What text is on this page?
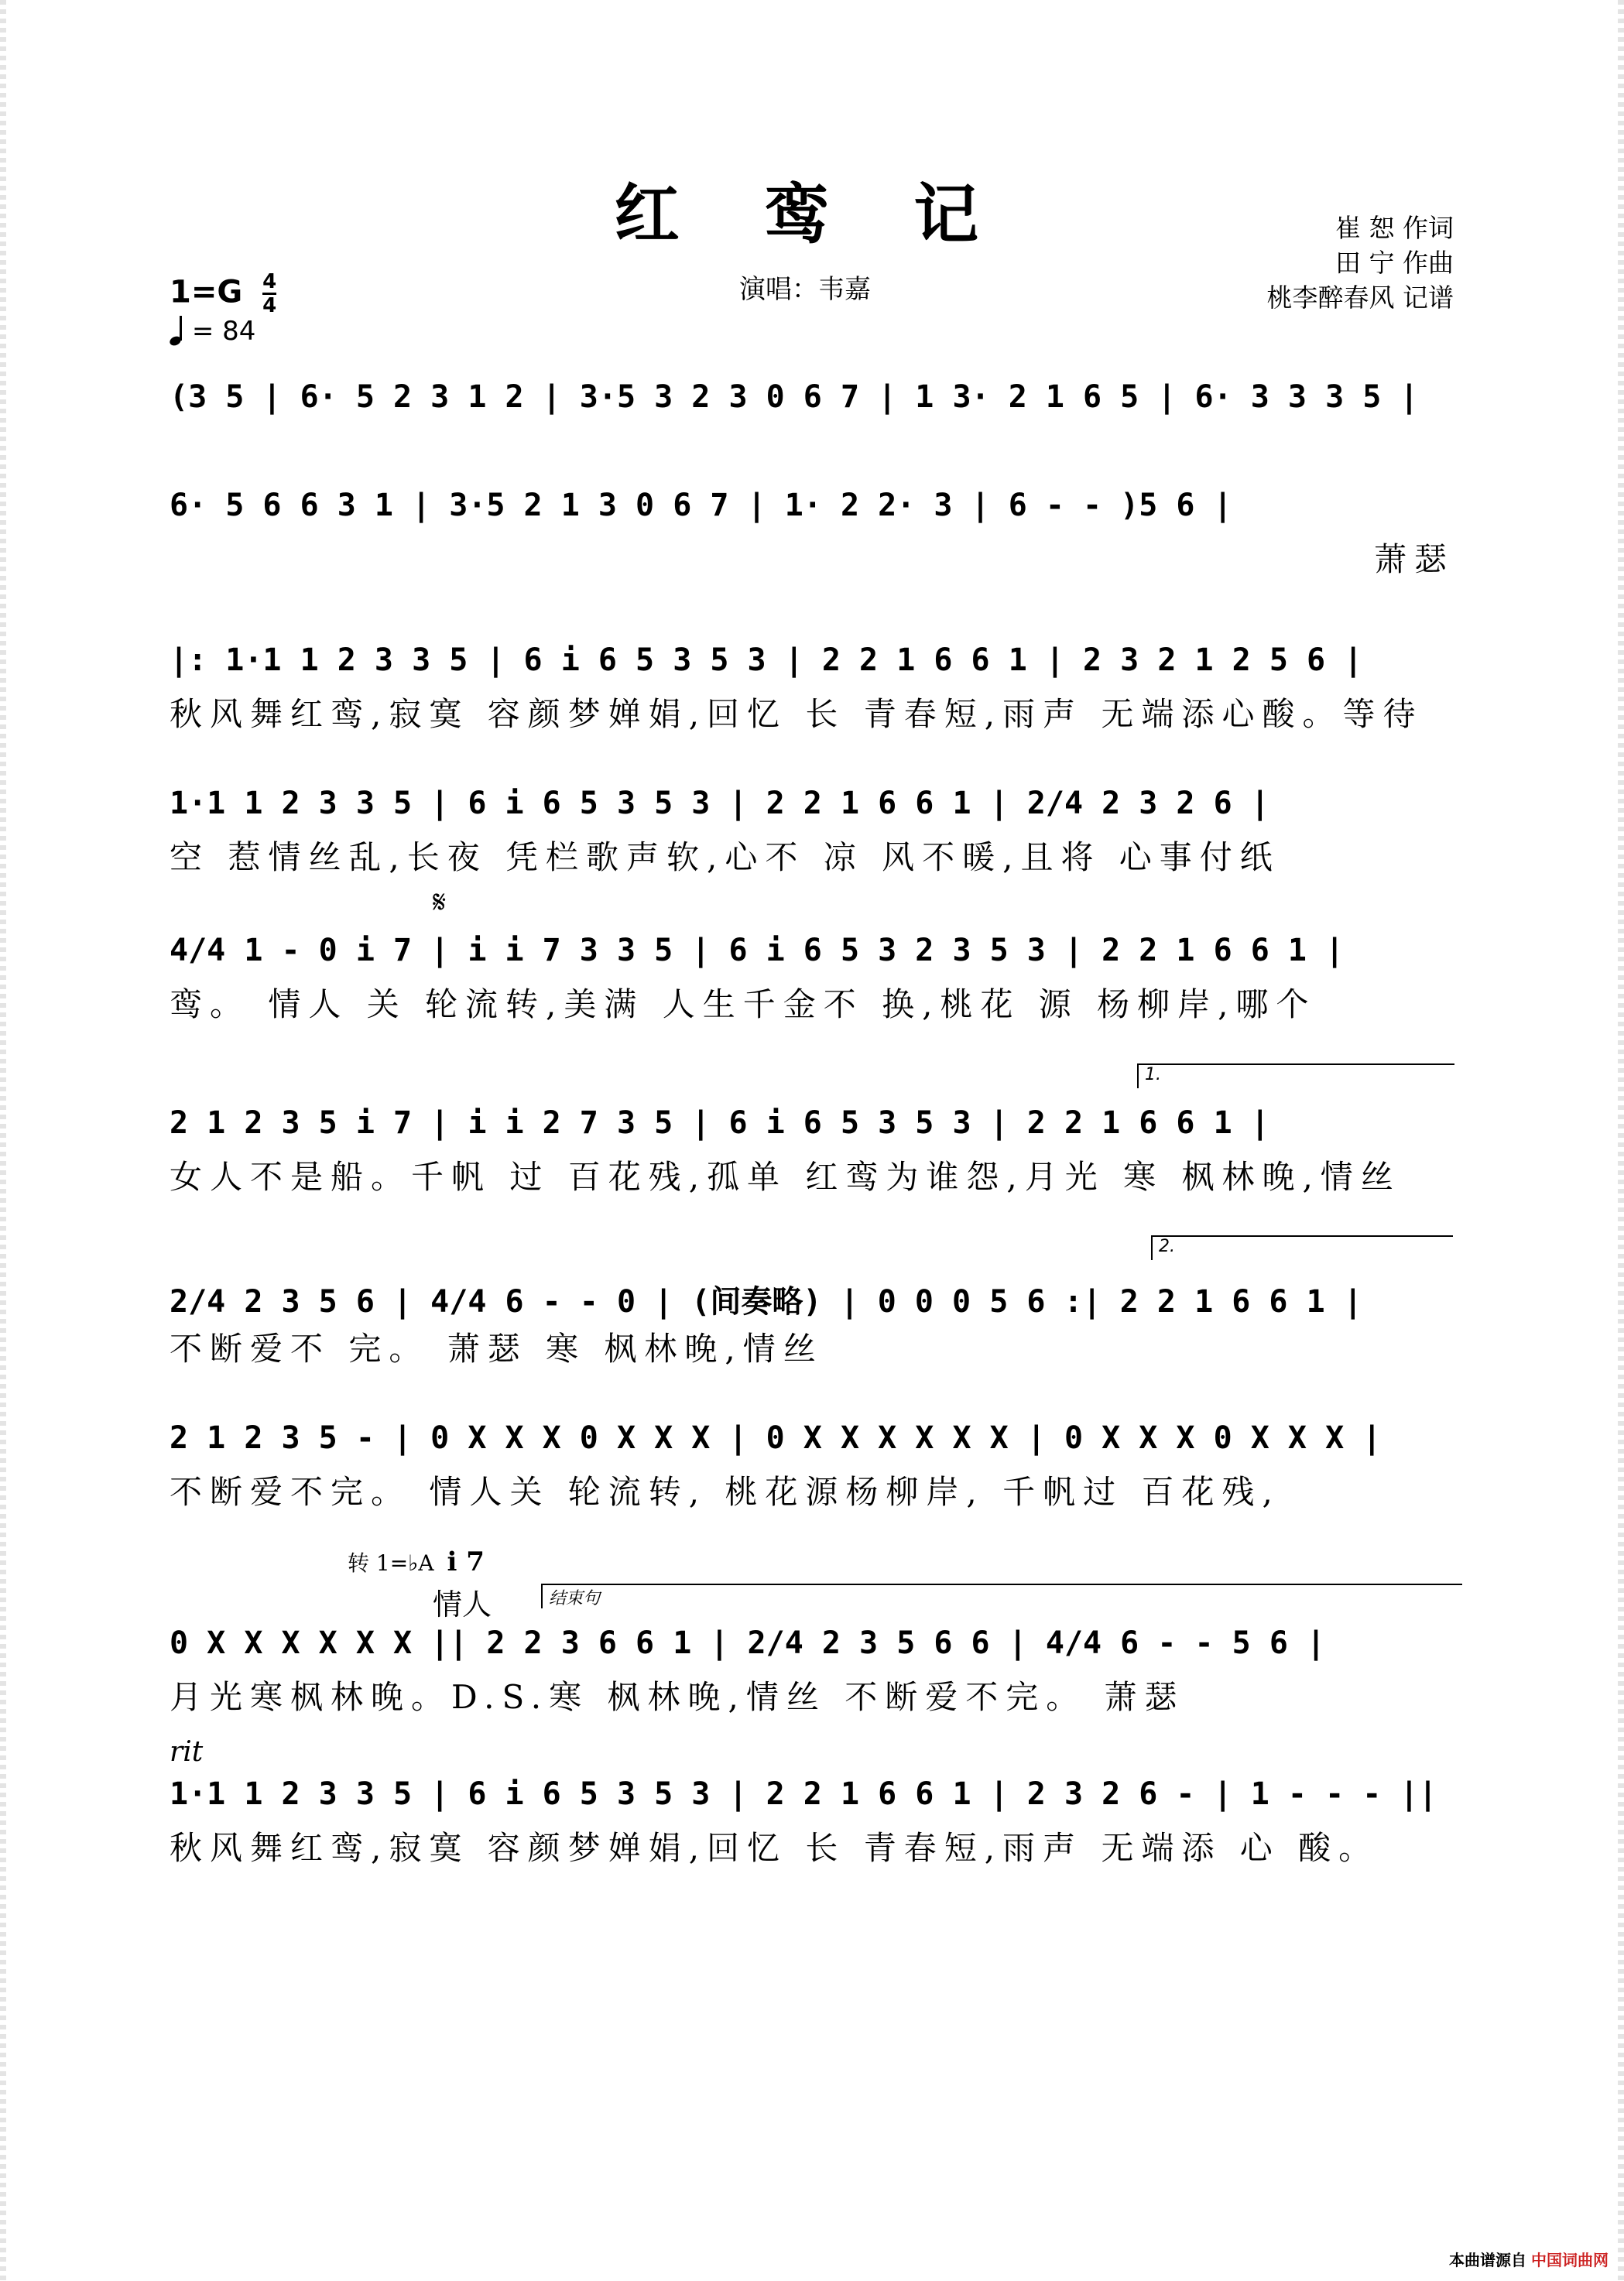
红 鸾 记
演唱：韦嘉
崔 恕 作词
田 宁 作曲
桃李醉春风 记谱
$1=G \frac{4}{4}$
= 84
(3 5 | 6· 5 2 3 1 2 | 3·5 3 2 3 0 6 7 | 1 3· 2 1 6 5 | 6· 3 3 3 5 |
6· 5 6 6 3 1 | 3·5 2 1 3 0 6 7 | 1· 2 2· 3 | 6 - - )5 6 |
萧瑟
|: 1·1 1 2 3 3 5 | 6 i 6 5 3 5 3 | 2 2 1 6 6 1 | 2 3 2 1 2 5 6 |
秋风舞红鸾,寂寞 容颜梦婵娟,回忆 长 青春短,雨声 无端添心酸。等待
1·1 1 2 3 3 5 | 6 i 6 5 3 5 3 | 2 2 1 6 6 1 | 2/4 2 3 2 6 |
空 惹情丝乱,长夜 凭栏歌声软,心不 凉 风不暖,且将 心事付纸
𝄋
4/4 1 - 0 i 7 | i i 7 3 3 5 | 6 i 6 5 3 2 3 5 3 | 2 2 1 6 6 1 |
鸾。 情人 关 轮流转,美满 人生千金不 换,桃花 源 杨柳岸,哪个
1.
2 1 2 3 5 i 7 | i i 2 7 3 5 | 6 i 6 5 3 5 3 | 2 2 1 6 6 1 |
女人不是船。千帆 过 百花残,孤单 红鸾为谁怨,月光 寒 枫林晚,情丝
2.
2/4 2 3 5 6 | 4/4 6 - - 0 | (间奏略) | 0 0 0 5 6 :| 2 2 1 6 6 1 |
不断爱不 完。 萧瑟 寒 枫林晚,情丝
2 1 2 3 5 - | 0 X X X 0 X X X | 0 X X X X X X | 0 X X X 0 X X X |
不断爱不完。 情人关 轮流转, 桃花源杨柳岸, 千帆过 百花残,
转 1=♭A i 7
情人	结束句
0 X X X X X X || 2 2 3 6 6 1 | 2/4 2 3 5 6 6 | 4/4 6 - - 5 6 |
月光寒枫林晚。D.S.寒 枫林晚,情丝 不断爱不完。 萧瑟
rit
1·1 1 2 3 3 5 | 6 i 6 5 3 5 3 | 2 2 1 6 6 1 | 2 3 2 6 - | 1 - - - ||
秋风舞红鸾,寂寞 容颜梦婵娟,回忆 长 青春短,雨声 无端添 心 酸。
本曲谱源自 中国词曲网
